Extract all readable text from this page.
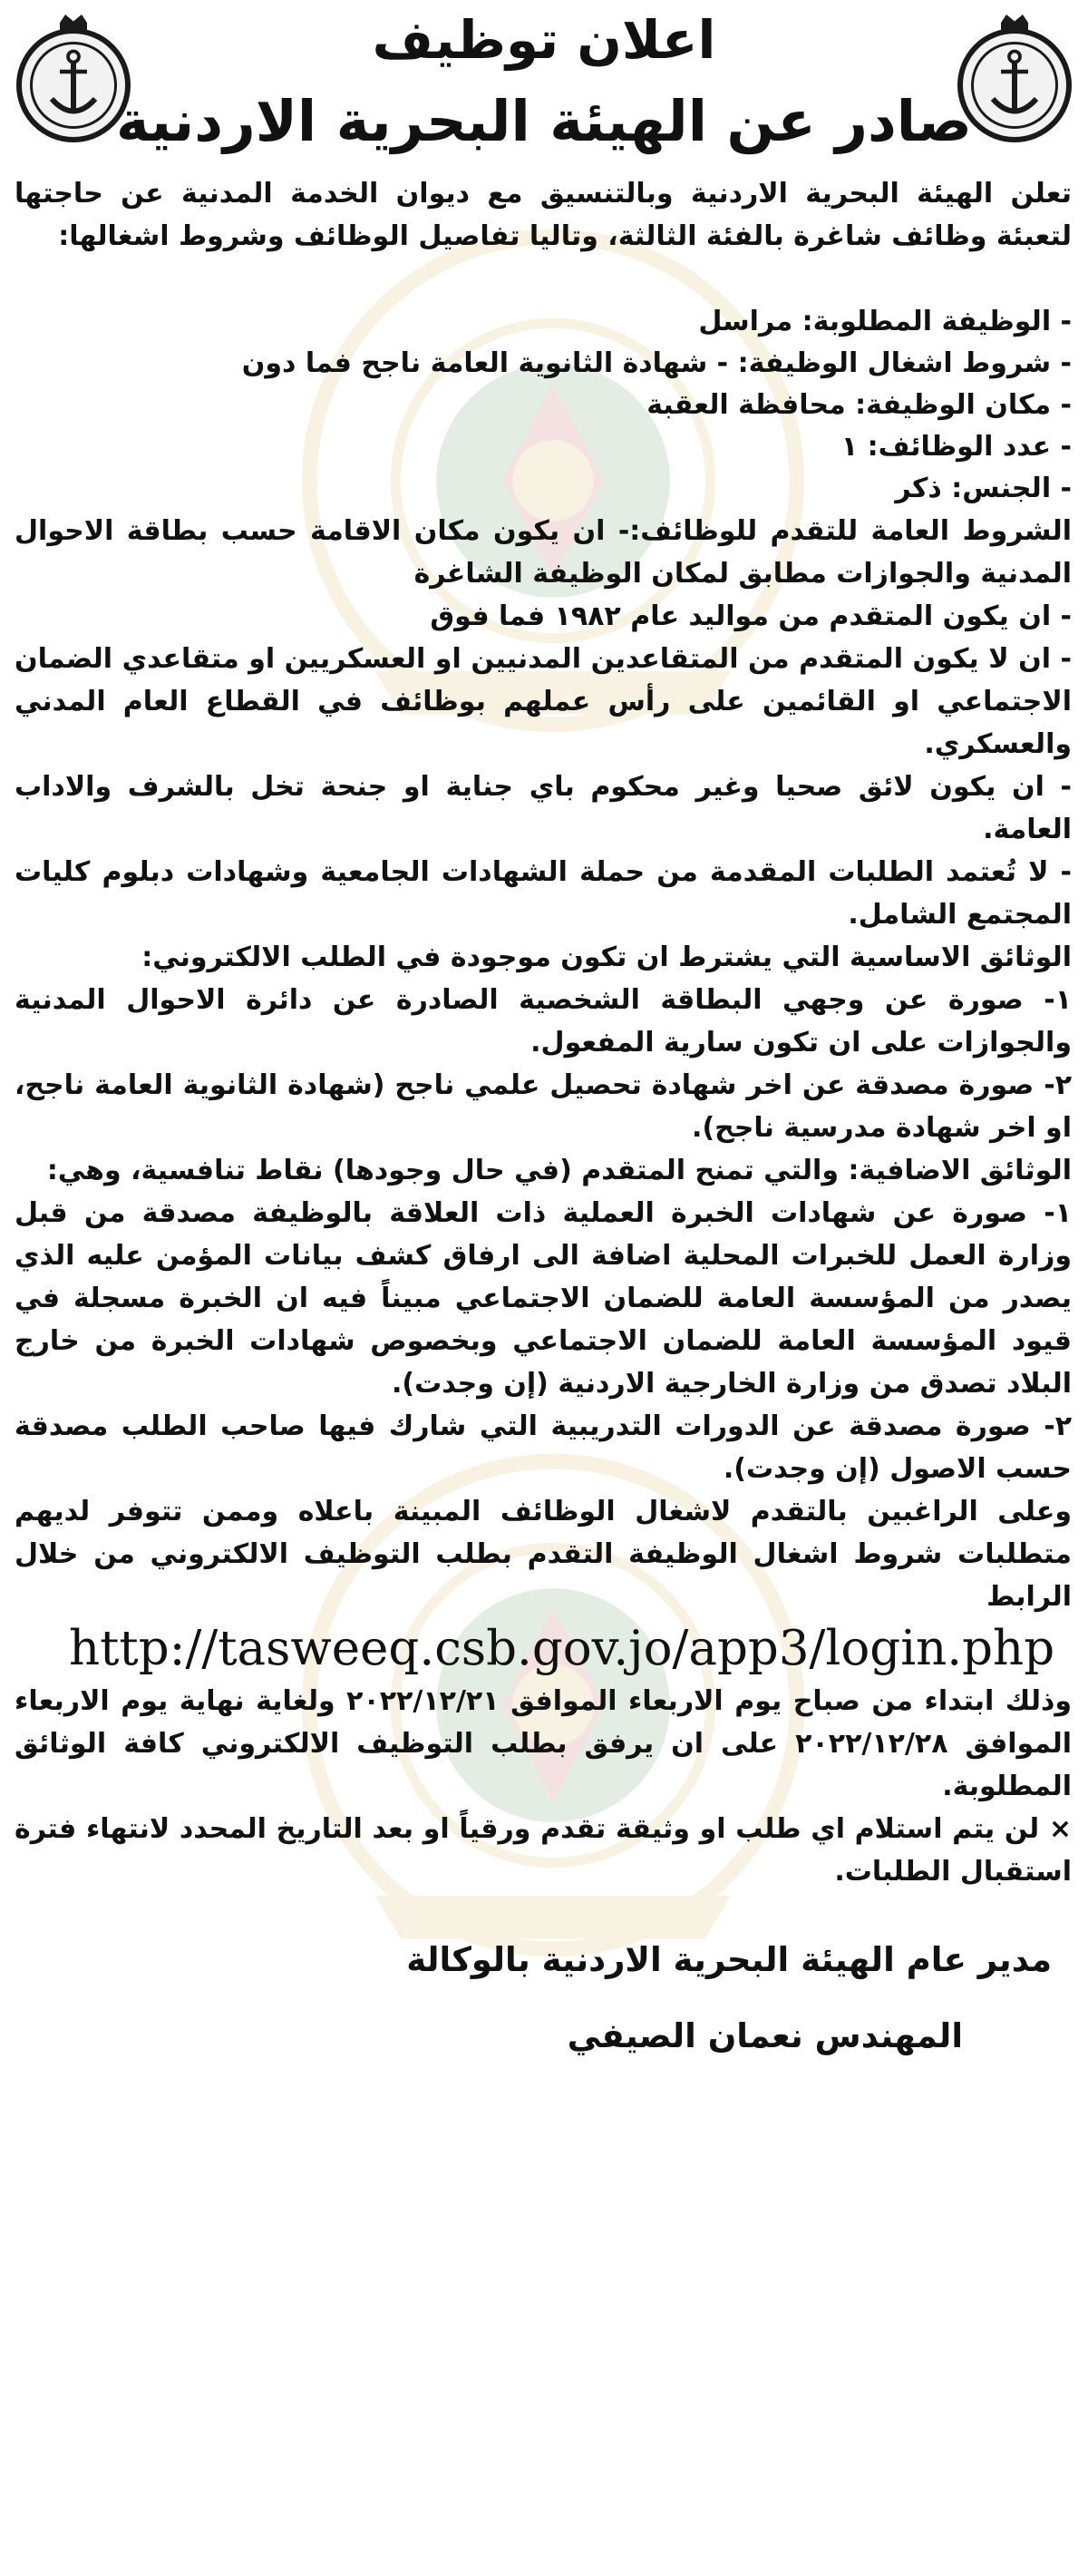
اعلان توظيف
صادر عن الهيئة البحرية الاردنية

تعلن الهيئة البحرية الاردنية وبالتنسيق مع ديوان الخدمة المدنية عن حاجتها لتعبئة وظائف شاغرة بالفئة الثالثة، وتاليا تفاصيل الوظائف وشروط اشغالها:

- الوظيفة المطلوبة: مراسل
- شروط اشغال الوظيفة: - شهادة الثانوية العامة ناجح فما دون
- مكان الوظيفة: محافظة العقبة
- عدد الوظائف: ١
- الجنس: ذكر

الشروط العامة للتقدم للوظائف:- ان يكون مكان الاقامة حسب بطاقة الاحوال المدنية والجوازات مطابق لمكان الوظيفة الشاغرة

- ان يكون المتقدم من مواليد عام ١٩٨٢ فما فوق

- ان لا يكون المتقدم من المتقاعدين المدنيين او العسكريين او متقاعدي الضمان الاجتماعي او القائمين على رأس عملهم بوظائف في القطاع العام المدني والعسكري.

- ان يكون لائق صحيا وغير محكوم باي جناية او جنحة تخل بالشرف والاداب العامة.

- لا تُعتمد الطلبات المقدمة من حملة الشهادات الجامعية وشهادات دبلوم كليات المجتمع الشامل.

الوثائق الاساسية التي يشترط ان تكون موجودة في الطلب الالكتروني:

١- صورة عن وجهي البطاقة الشخصية الصادرة عن دائرة الاحوال المدنية والجوازات على ان تكون سارية المفعول.

٢- صورة مصدقة عن اخر شهادة تحصيل علمي ناجح (شهادة الثانوية العامة ناجح، او اخر شهادة مدرسية ناجح).

الوثائق الاضافية: والتي تمنح المتقدم (في حال وجودها) نقاط تنافسية، وهي:

١- صورة عن شهادات الخبرة العملية ذات العلاقة بالوظيفة مصدقة من قبل وزارة العمل للخبرات المحلية اضافة الى ارفاق كشف بيانات المؤمن عليه الذي يصدر من المؤسسة العامة للضمان الاجتماعي مبيناً فيه ان الخبرة مسجلة في قيود المؤسسة العامة للضمان الاجتماعي وبخصوص شهادات الخبرة من خارج البلاد تصدق من وزارة الخارجية الاردنية (إن وجدت).

٢- صورة مصدقة عن الدورات التدريبية التي شارك فيها صاحب الطلب مصدقة حسب الاصول (إن وجدت).

وعلى الراغبين بالتقدم لاشغال الوظائف المبينة باعلاه وممن تتوفر لديهم متطلبات شروط اشغال الوظيفة التقدم بطلب التوظيف الالكتروني من خلال الرابط

http://tasweeq.csb.gov.jo/app3/login.php

وذلك ابتداء من صباح يوم الاربعاء الموافق ٢٠٢٢/١٢/٢١ ولغاية نهاية يوم الاربعاء الموافق ٢٠٢٢/١٢/٢٨ على ان يرفق بطلب التوظيف الالكتروني كافة الوثائق المطلوبة.

× لن يتم استلام اي طلب او وثيقة تقدم ورقياً او بعد التاريخ المحدد لانتهاء فترة استقبال الطلبات.

مدير عام الهيئة البحرية الاردنية بالوكالة
المهندس نعمان الصيفي
